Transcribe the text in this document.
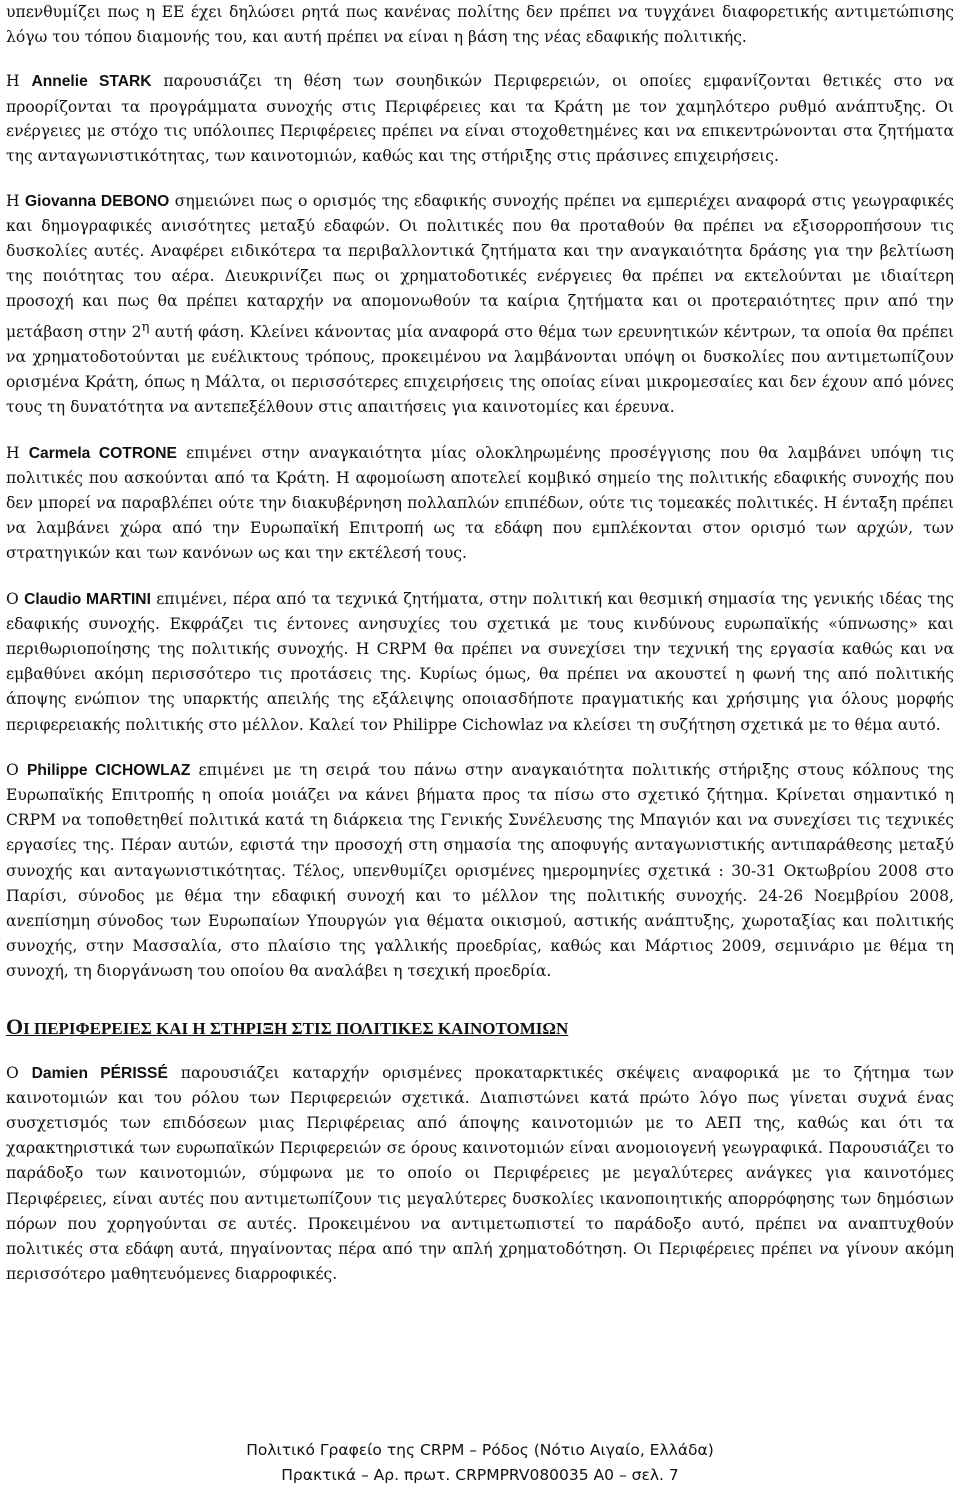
υπενθυμίζει πως η ΕΕ έχει δηλώσει ρητά πως κανένας πολίτης δεν πρέπει να τυγχάνει διαφορετικής αντιμετώπισης λόγω του τόπου διαμονής του, και αυτή πρέπει να είναι η βάση της νέας εδαφικής πολιτικής.

Η Annelie STARK παρουσιάζει τη θέση των σουηδικών Περιφερειών, οι οποίες εμφανίζονται θετικές στο να προορίζονται τα προγράμματα συνοχής στις Περιφέρειες και τα Κράτη με τον χαμηλότερο ρυθμό ανάπτυξης. Οι ενέργειες με στόχο τις υπόλοιπες Περιφέρειες πρέπει να είναι στοχοθετημένες και να επικεντρώνονται στα ζητήματα της ανταγωνιστικότητας, των καινοτομιών, καθώς και της στήριξης στις πράσινες επιχειρήσεις.

Η Giovanna DEBONO σημειώνει πως ο ορισμός της εδαφικής συνοχής πρέπει να εμπεριέχει αναφορά στις γεωγραφικές και δημογραφικές ανισότητες μεταξύ εδαφών. Οι πολιτικές που θα προταθούν θα πρέπει να εξισορροπήσουν τις δυσκολίες αυτές. Αναφέρει ειδικότερα τα περιβαλλοντικά ζητήματα και την αναγκαιότητα δράσης για την βελτίωση της ποιότητας του αέρα. Διευκρινίζει πως οι χρηματοδοτικές ενέργειες θα πρέπει να εκτελούνται με ιδιαίτερη προσοχή και πως θα πρέπει καταρχήν να απομονωθούν τα καίρια ζητήματα και οι προτεραιότητες πριν από την μετάβαση στην $2^\eta$ αυτή φάση. Κλείνει κάνοντας μία αναφορά στο θέμα των ερευνητικών κέντρων, τα οποία θα πρέπει να χρηματοδοτούνται με ευέλικτους τρόπους, προκειμένου να λαμβάνονται υπόψη οι δυσκολίες που αντιμετωπίζουν ορισμένα Κράτη, όπως η Μάλτα, οι περισσότερες επιχειρήσεις της οποίας είναι μικρομεσαίες και δεν έχουν από μόνες τους τη δυνατότητα να αντεπεξέλθουν στις απαιτήσεις για καινοτομίες και έρευνα.

Η Carmela COTRONE επιμένει στην αναγκαιότητα μίας ολοκληρωμένης προσέγγισης που θα λαμβάνει υπόψη τις πολιτικές που ασκούνται από τα Κράτη. Η αφομοίωση αποτελεί κομβικό σημείο της πολιτικής εδαφικής συνοχής που δεν μπορεί να παραβλέπει ούτε την διακυβέρνηση πολλαπλών επιπέδων, ούτε τις τομεακές πολιτικές. Η ένταξη πρέπει να λαμβάνει χώρα από την Ευρωπαϊκή Επιτροπή ως τα εδάφη που εμπλέκονται στον ορισμό των αρχών, των στρατηγικών και των κανόνων ως και την εκτέλεσή τους.

Ο Claudio MARTINI επιμένει, πέρα από τα τεχνικά ζητήματα, στην πολιτική και θεσμική σημασία της γενικής ιδέας της εδαφικής συνοχής. Εκφράζει τις έντονες ανησυχίες του σχετικά με τους κινδύνους ευρωπαϊκής «ύπνωσης» και περιθωριοποίησης της πολιτικής συνοχής. Η CRPM θα πρέπει να συνεχίσει την τεχνική της εργασία καθώς και να εμβαθύνει ακόμη περισσότερο τις προτάσεις της. Κυρίως όμως, θα πρέπει να ακουστεί η φωνή της από πολιτικής άποψης ενώπιον της υπαρκτής απειλής της εξάλειψης οποιασδήποτε πραγματικής και χρήσιμης για όλους μορφής περιφερειακής πολιτικής στο μέλλον. Καλεί τον Philippe Cichowlaz να κλείσει τη συζήτηση σχετικά με το θέμα αυτό.

Ο Philippe CICHOWLAZ επιμένει με τη σειρά του πάνω στην αναγκαιότητα πολιτικής στήριξης στους κόλπους της Ευρωπαϊκής Επιτροπής η οποία μοιάζει να κάνει βήματα προς τα πίσω στο σχετικό ζήτημα. Κρίνεται σημαντικό η CRPM να τοποθετηθεί πολιτικά κατά τη διάρκεια της Γενικής Συνέλευσης της Μπαγιόν και να συνεχίσει τις τεχνικές εργασίες της. Πέραν αυτών, εφιστά την προσοχή στη σημασία της αποφυγής ανταγωνιστικής αντιπαράθεσης μεταξύ συνοχής και ανταγωνιστικότητας. Τέλος, υπενθυμίζει ορισμένες ημερομηνίες σχετικά : 30-31 Οκτωβρίου 2008 στο Παρίσι, σύνοδος με θέμα την εδαφική συνοχή και το μέλλον της πολιτικής συνοχής. 24-26 Νοεμβρίου 2008, ανεπίσημη σύνοδος των Ευρωπαίων Υπουργών για θέματα οικισμού, αστικής ανάπτυξης, χωροταξίας και πολιτικής συνοχής, στην Μασσαλία, στο πλαίσιο της γαλλικής προεδρίας, καθώς και Μάρτιος 2009, σεμινάριο με θέμα τη συνοχή, τη διοργάνωση του οποίου θα αναλάβει η τσεχική προεδρία.

ΟΙ ΠΕΡΙΦΕΡΕΙΕΣ ΚΑΙ Η ΣΤΗΡΙΞΗ ΣΤΙΣ ΠΟΛΙΤΙΚΕΣ ΚΑΙΝΟΤΟΜΙΩΝ

Ο Damien PÉRISSÉ παρουσιάζει καταρχήν ορισμένες προκαταρκτικές σκέψεις αναφορικά με το ζήτημα των καινοτομιών και του ρόλου των Περιφερειών σχετικά. Διαπιστώνει κατά πρώτο λόγο πως γίνεται συχνά ένας συσχετισμός των επιδόσεων μιας Περιφέρειας από άποψης καινοτομιών με το ΑΕΠ της, καθώς και ότι τα χαρακτηριστικά των ευρωπαϊκών Περιφερειών σε όρους καινοτομιών είναι ανομοιογενή γεωγραφικά. Παρουσιάζει το παράδοξο των καινοτομιών, σύμφωνα με το οποίο οι Περιφέρειες με μεγαλύτερες ανάγκες για καινοτόμες Περιφέρειες, είναι αυτές που αντιμετωπίζουν τις μεγαλύτερες δυσκολίες ικανοποιητικής απορρόφησης των δημόσιων πόρων που χορηγούνται σε αυτές. Προκειμένου να αντιμετωπιστεί το παράδοξο αυτό, πρέπει να αναπτυχθούν πολιτικές στα εδάφη αυτά, πηγαίνοντας πέρα από την απλή χρηματοδότηση. Οι Περιφέρειες πρέπει να γίνουν ακόμη περισσότερο μαθητευόμενες διαρροφικές.

Πολιτικό Γραφείο της CRPM – Ρόδος (Νότιο Αιγαίο, Ελλάδα)
Πρακτικά – Αρ. πρωτ. CRPMPRV080035 A0 – σελ. 7
